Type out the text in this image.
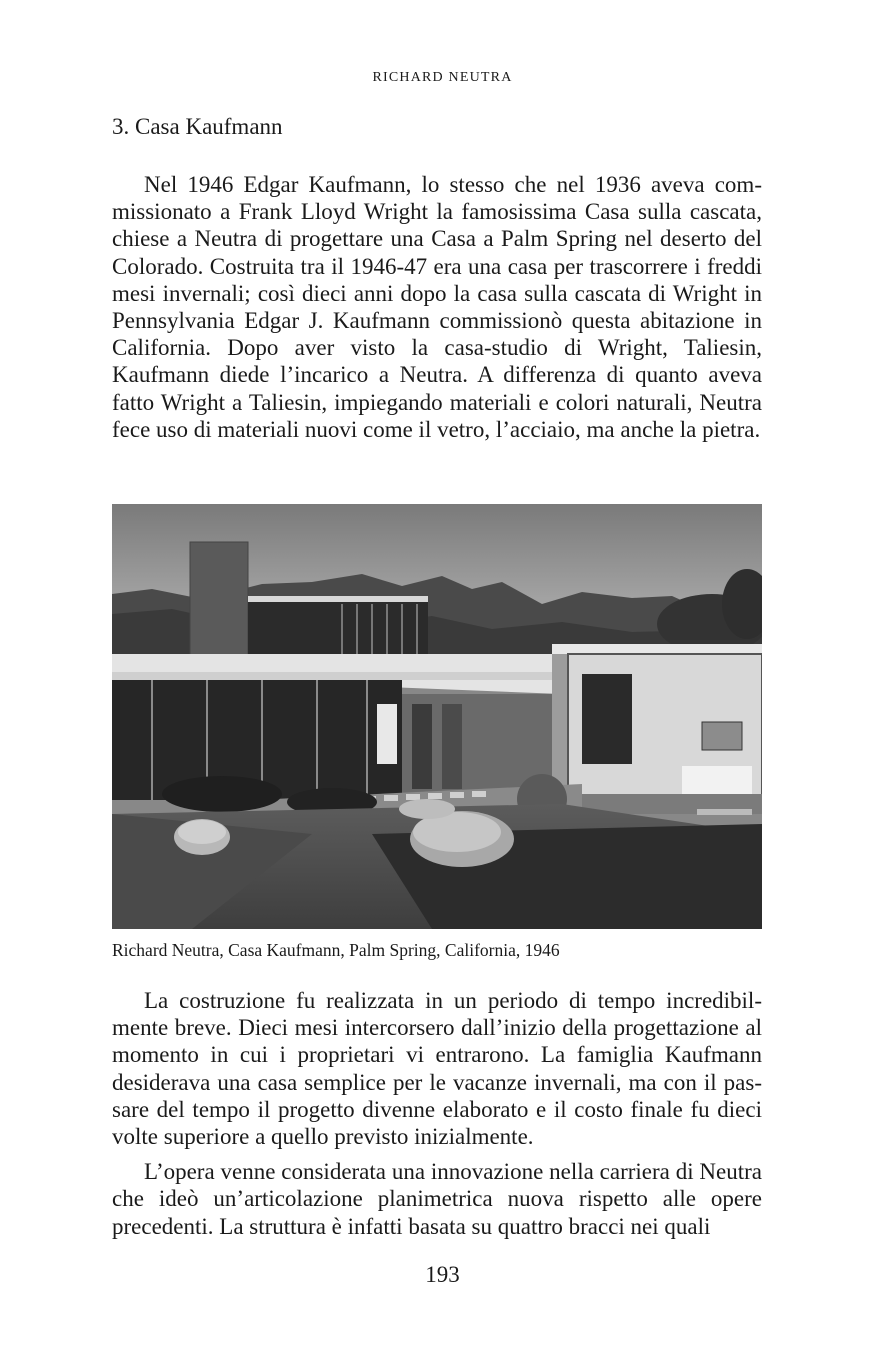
RICHARD NEUTRA
3. Casa Kaufmann

Nel 1946 Edgar Kaufmann, lo stesso che nel 1936 aveva commissionato a Frank Lloyd Wright la famosissima Casa sulla cascata, chiese a Neutra di progettare una Casa a Palm Spring nel deserto del Colorado. Costruita tra il 1946-47 era una casa per trascorrere i freddi mesi invernali; così dieci anni dopo la casa sulla cascata di Wright in Pennsylvania Edgar J. Kaufmann commissionò questa abitazione in California. Dopo aver visto la casa-studio di Wright, Taliesin, Kaufmann diede l’incarico a Neutra. A differenza di quanto aveva fatto Wright a Taliesin, impiegando materiali e colori naturali, Neutra fece uso di materiali nuovi come il vetro, l’acciaio, ma anche la pietra.

Richard Neutra, Casa Kaufmann, Palm Spring, California, 1946

La costruzione fu realizzata in un periodo di tempo incredibilmente breve. Dieci mesi intercorsero dall’inizio della progettazione al momento in cui i proprietari vi entrarono. La famiglia Kaufmann desiderava una casa semplice per le vacanze invernali, ma con il passare del tempo il progetto divenne elaborato e il costo finale fu dieci volte superiore a quello previsto inizialmente.

L’opera venne considerata una innovazione nella carriera di Neutra che ideò un’articolazione planimetrica nuova rispetto alle opere precedenti. La struttura è infatti basata su quattro bracci nei quali

193
